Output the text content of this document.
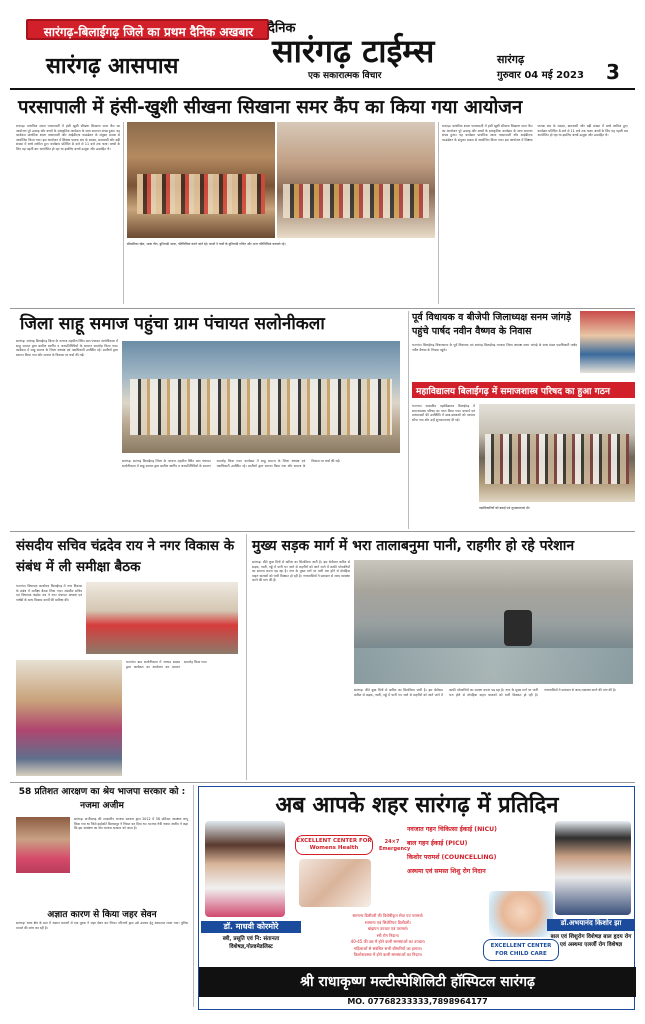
सारंगढ़-बिलाईगढ़ जिले का प्रथम दैनिक अखबार
सारंगढ़ आसपास
दैनिक
सारंगढ़ टाईम्स
एक सकारात्मक विचार
सारंगढ़
गुरुवार 04 मई 2023	3
परसापाली में हंसी-खुशी सीखना सिखाना समर कैंप का किया गया आयोजन
रायगढ़। प्राथमिक शाला परसापाली में हंसी खुशी सीखना सिखाना समर कैंप का आयोजन पूरे उत्साह और बच्चों के सांस्कृतिक कार्यक्रम के साथ समापन संपन्न हुआ। यह कार्यक्रम प्राथमिक शाला परसापाली और आईडीएफ फाउंडेशन के संयुक्त प्रयास से आयोजित किया गया। इस आयोजन में शिक्षक पालक संघ के सदस्य, ग्रामवासी और बड़ी संख्या में बच्चे शामिल हुए। कार्यक्रम प्रतिदिन 8 बजे से 11 बजे तक चला। बच्चों के लिए यह पहली बार आयोजित हो रहा था इसलिए बच्चों उत्सुक और उत्साहित थे।
सीखनिका खेल, भाषा गीत, बुनियादी भाषा, गतिविधियां करते जाते रहे। बच्चों ने गायों के बुनियादी गणित और अन्य गतिविधियां करवाते रहे।
रायगढ़। प्राथमिक शाला परसापाली में हंसी खुशी सीखना सिखाना समर कैंप का आयोजन पूरे उत्साह और बच्चों के सांस्कृतिक कार्यक्रम के साथ समापन संपन्न हुआ। यह कार्यक्रम प्राथमिक शाला परसापाली और आईडीएफ फाउंडेशन के संयुक्त प्रयास से आयोजित किया गया। इस आयोजन में शिक्षक पालक संघ के सदस्य, ग्रामवासी और बड़ी संख्या में बच्चे शामिल हुए। कार्यक्रम प्रतिदिन 8 बजे से 11 बजे तक चला। बच्चों के लिए यह पहली बार आयोजित हो रहा था इसलिए बच्चों उत्सुक और उत्साहित थे।
जिला साहू समाज पहुंचा ग्राम पंचायत सलोनीकला
सारंगढ़। सारंगढ़ बिलाईगढ़ जिला के नटराज तहसील स्थित ग्राम पंचायत सलोनीकला में साहू समाज द्वारा ग्रामीण स्वर्गीय व जनप्रतिनिधियों के सम्मान समारोह किया गया। कार्यक्रम में साहू समाज के जिला अध्यक्ष एवं पदाधिकारी उपस्थित रहे। ग्रामीणों द्वारा स्वागत किया गया और समाज के विकास पर चर्चा की गई।
सारंगढ़। सारंगढ़ बिलाईगढ़ जिला के नटराज तहसील स्थित ग्राम पंचायत सलोनीकला में साहू समाज द्वारा ग्रामीण स्वर्गीय व जनप्रतिनिधियों के सम्मान समारोह किया गया। कार्यक्रम में साहू समाज के जिला अध्यक्ष एवं पदाधिकारी उपस्थित रहे। ग्रामीणों द्वारा स्वागत किया गया और समाज के विकास पर चर्चा की गई।
पूर्व विधायक व बीजेपी जिलाध्यक्ष सनम जांगड़े पहुंचे पार्षद नवीन वैष्णव के निवास
भटगांव। बिलाईगढ़ विधानसभा के पूर्व विधायक एवं सारंगढ़ बिलाईगढ़ भाजपा जिला अध्यक्ष सनम जांगड़े के साथ मंडल पदाधिकारी पार्षद नवीन वैष्णव के निवास पहुंचे।
महाविद्यालय बिलाईगढ़ में समाजशास्त्र परिषद का हुआ गठन
भटगांव। शासकीय महाविद्यालय बिलाईगढ़ में समाजशास्त्र परिषद का गठन किया गया। प्राचार्य एवं प्राध्यापकों की उपस्थिति में छात्र-छात्राओं को पदभार सौंपा गया और उन्हें शुभकामनाएं दी गईं।
पदाधिकारियों को बधाई एवं शुभकामनाएं दी।
संसदीय सचिव चंद्रदेव राय ने नगर विकास के संबंध में ली समीक्षा बैठक
भटगांव। विधायक कार्यालय बिलाईगढ़ में नगर विकास के संबंध में समीक्षा बैठक लिया गया। संसदीय सचिव एवं विधायक चंद्रदेव राय ने नगर पंचायत अध्यक्ष एवं पार्षदों के साथ विकास कार्यों की समीक्षा की।
भटगांव। ग्राम सलोनीकला में जनपद सदस्य द्वारा कार्यक्रम का आयोजन कर सम्मान समारोह किया गया।
मुख्य सड़क मार्ग में भरा तालाबनुमा पानी, राहगीर हो रहे परेशान
सारंगढ़। बीते कुछ दिनों से बारिश का सिलसिला जारी है। इस बेमौसम बारिश से सड़क, नाली, गड्ढे में पानी भर जाने से राहगीरों को आने जाने में काफी परेशानियों का सामना करना पड़ रहा है। नगर के मुख्य मार्ग पर पानी भरा होने से दोपहिया वाहन चालकों को भारी दिक्कत हो रही है। नगरवासियों ने प्रशासन से जल्द व्यवस्था करने की मांग की है।
सारंगढ़। बीते कुछ दिनों से बारिश का सिलसिला जारी है। इस बेमौसम बारिश से सड़क, नाली, गड्ढे में पानी भर जाने से राहगीरों को आने जाने में काफी परेशानियों का सामना करना पड़ रहा है। नगर के मुख्य मार्ग पर पानी भरा होने से दोपहिया वाहन चालकों को भारी दिक्कत हो रही है। नगरवासियों ने प्रशासन से जल्द व्यवस्था करने की मांग की है।
58 प्रतिशत आरक्षण का श्रेय भाजपा सरकार को : नजमा अजीम
सारंगढ़। छत्तीसगढ़ की तत्कालीन भाजपा सरकार द्वारा 2012 में 58 प्रतिशत आरक्षण लागू किया गया था जिसे हाईकोर्ट बिलासपुर ने निरस्त कर दिया था। भाजपा नेत्री नजमा अजीम ने कहा कि इस आरक्षण का श्रेय भाजपा सरकार को जाता है।
अज्ञात कारण से किया जहर सेवन
सारंगढ़। थाना क्षेत्र के ग्राम में अज्ञात कारणों से एक युवक ने जहर सेवन कर लिया। परिजनों द्वारा उसे उपचार हेतु अस्पताल लाया गया। पुलिस मामले की जांच कर रही है।
अब आपके शहर सारंगढ़ में प्रतिदिन
डॉ. माधवी कोरमोरे
स्त्री, प्रसूति एवं नि: संतानता विशेषज्ञ,गोल्डमेडलिस्ट
EXCELLENT CENTER FOR Womens Health
24×7 Emergency
सामान्य डिलीवरी की विशेषीकृत सेवा एवं परामर्श।
सामान्य एवं सिजेरियन डिलीवरी।
बांझपन उपचार एवं परामर्श।
स्त्री रोग निदान।
40-45 की उम्र में होने वाली समस्याओं का उपचार।
महिलाओं से संबंधित सभी बीमारियों का इलाज।
किशोरावस्था में होने वाली समस्याओं का निदान।
नवजात गहन चिकित्सा ईकाई (NICU)
बाल गहन ईकाई (PICU)
किशोर परामर्श (COUNCELLING)
अस्थमा एवं समस्त शिशु रोग निदान
EXCELLENT CENTER FOR CHILD CARE
डॉ.अभयानंद किशोर झा
बाल एवं शिशुरोग विशेषज्ञ बाल हृदय रोग एवं अस्थमा एलर्जी रोग विशेषज्ञ
श्री राधाकृष्ण मल्टीस्पेशिलिटी हॉस्पिटल सारंगढ़
MO. 07768233333,7898964177
